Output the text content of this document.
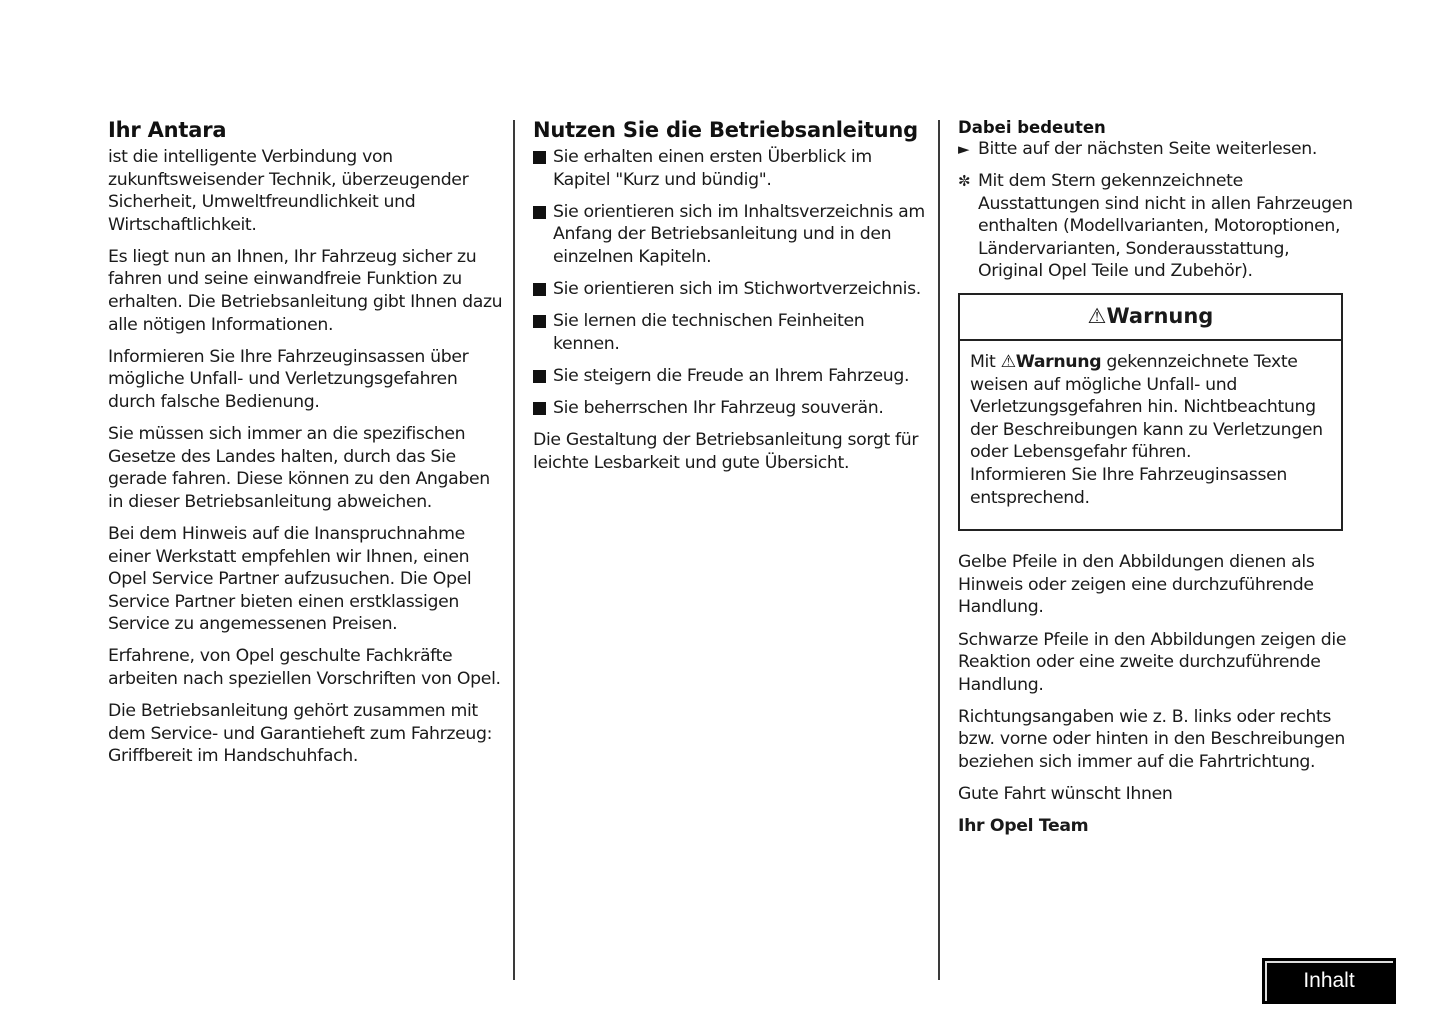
Ihr Antara

ist die intelligente Verbindung von zukunftsweisender Technik, überzeugender Sicherheit, Umweltfreundlichkeit und Wirtschaftlichkeit.

Es liegt nun an Ihnen, Ihr Fahrzeug sicher zu fahren und seine einwandfreie Funktion zu erhalten. Die Betriebsanleitung gibt Ihnen dazu alle nötigen Informationen.

Informieren Sie Ihre Fahrzeuginsassen über mögliche Unfall- und Verletzungsgefahren durch falsche Bedienung.

Sie müssen sich immer an die spezifischen Gesetze des Landes halten, durch das Sie gerade fahren. Diese können zu den Angaben in dieser Betriebsanleitung abweichen.

Bei dem Hinweis auf die Inanspruchnahme einer Werkstatt empfehlen wir Ihnen, einen Opel Service Partner aufzusuchen. Die Opel Service Partner bieten einen erstklassigen Service zu angemessenen Preisen.

Erfahrene, von Opel geschulte Fachkräfte arbeiten nach speziellen Vorschriften von Opel.

Die Betriebsanleitung gehört zusammen mit dem Service- und Garantieheft zum Fahrzeug: Griffbereit im Handschuhfach.

Nutzen Sie die Betriebsanleitung
Sie erhalten einen ersten Überblick im Kapitel "Kurz und bündig".
Sie orientieren sich im Inhaltsverzeichnis am Anfang der Betriebsanleitung und in den einzelnen Kapiteln.
Sie orientieren sich im Stichwortverzeichnis.
Sie lernen die technischen Feinheiten kennen.
Sie steigern die Freude an Ihrem Fahrzeug.
Sie beherrschen Ihr Fahrzeug souverän.

Die Gestaltung der Betriebsanleitung sorgt für leichte Lesbarkeit und gute Übersicht.

Dabei bedeuten
► Bitte auf der nächsten Seite weiterlesen.
✼ Mit dem Stern gekennzeichnete Ausstattungen sind nicht in allen Fahrzeugen enthalten (Modellvarianten, Motoroptionen, Ländervarianten, Sonderausstattung, Original Opel Teile und Zubehör).
⚠Warnung
Mit ⚠Warnung gekennzeichnete Texte weisen auf mögliche Unfall- und Verletzungsgefahren hin. Nichtbeachtung der Beschreibungen kann zu Verletzungen oder Lebensgefahr führen.
Informieren Sie Ihre Fahrzeuginsassen entsprechend.

Gelbe Pfeile in den Abbildungen dienen als Hinweis oder zeigen eine durchzuführende Handlung.

Schwarze Pfeile in den Abbildungen zeigen die Reaktion oder eine zweite durchzuführende Handlung.

Richtungsangaben wie z. B. links oder rechts bzw. vorne oder hinten in den Beschreibungen beziehen sich immer auf die Fahrtrichtung.

Gute Fahrt wünscht Ihnen

Ihr Opel Team

Inhalt
